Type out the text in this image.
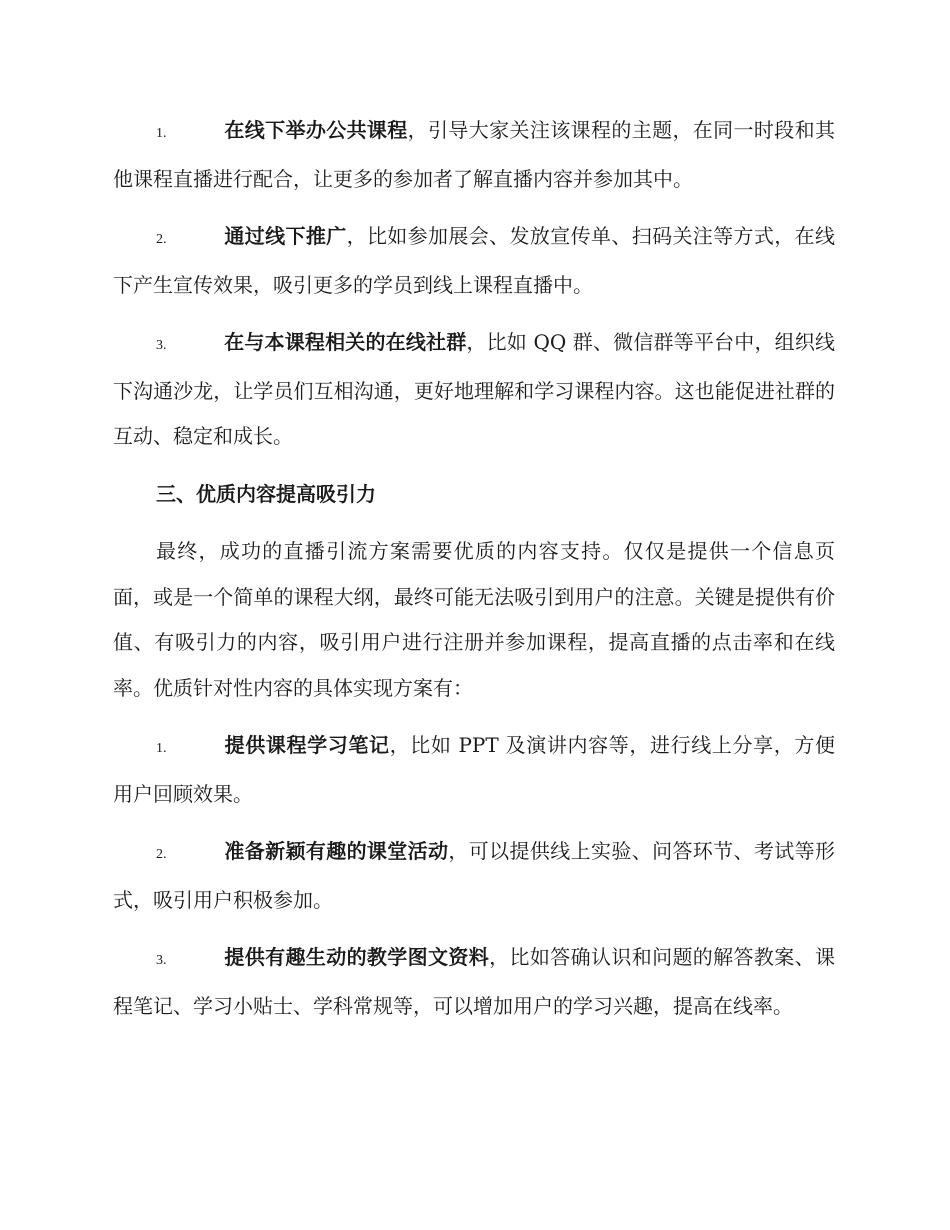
1.	在线下举办公共课程，引导大家关注该课程的主题，在同一时段和其他课程直播进行配合，让更多的参加者了解直播内容并参加其中。

2.	通过线下推广，比如参加展会、发放宣传单、扫码关注等方式，在线下产生宣传效果，吸引更多的学员到线上课程直播中。

3.	在与本课程相关的在线社群，比如 QQ 群、微信群等平台中，组织线下沟通沙龙，让学员们互相沟通，更好地理解和学习课程内容。这也能促进社群的互动、稳定和成长。

三、优质内容提高吸引力

最终，成功的直播引流方案需要优质的内容支持。仅仅是提供一个信息页面，或是一个简单的课程大纲，最终可能无法吸引到用户的注意。关键是提供有价值、有吸引力的内容，吸引用户进行注册并参加课程，提高直播的点击率和在线率。优质针对性内容的具体实现方案有：

1.	提供课程学习笔记，比如 PPT 及演讲内容等，进行线上分享，方便用户回顾效果。

2.	准备新颖有趣的课堂活动，可以提供线上实验、问答环节、考试等形式，吸引用户积极参加。

3.	提供有趣生动的教学图文资料，比如答确认识和问题的解答教案、课程笔记、学习小贴士、学科常规等，可以增加用户的学习兴趣，提高在线率。
